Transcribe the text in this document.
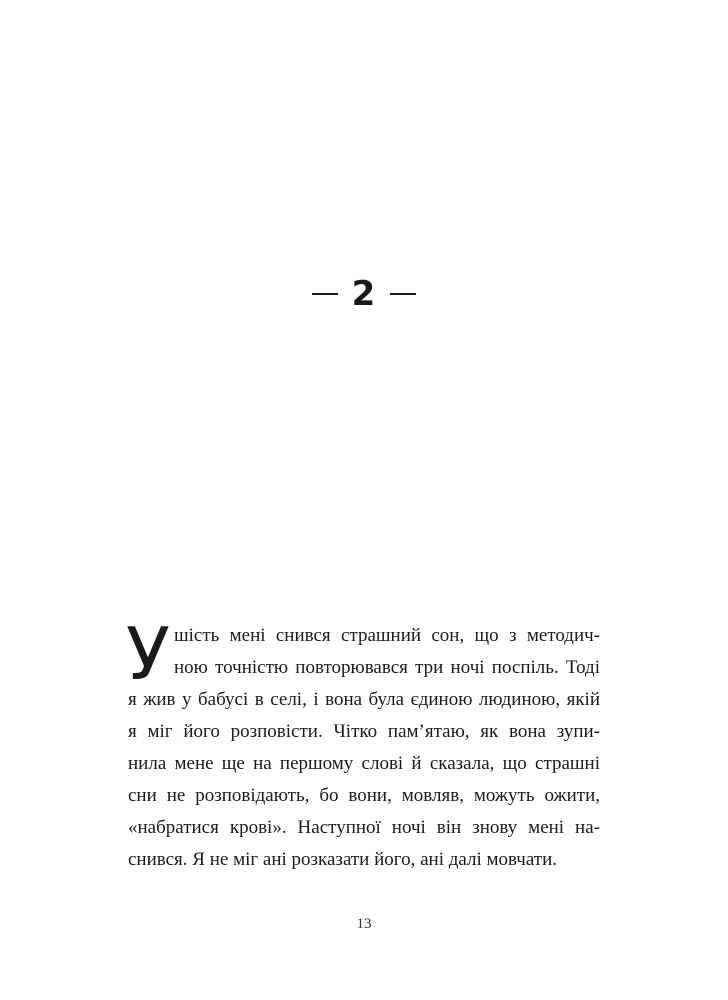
2
У шість мені снився страшний сон, що з методич-
ною точністю повторювався три ночі поспіль. Тоді
я жив у бабусі в селі, і вона була єдиною людиною, якій
я міг його розповісти. Чітко пам’ятаю, як вона зупи-
нила мене ще на першому слові й сказала, що страшні
сни не розповідають, бо вони, мовляв, можуть ожити,
«набратися крові». Наступної ночі він знову мені на-
снився. Я не міг ані розказати його, ані далі мовчати.
13
